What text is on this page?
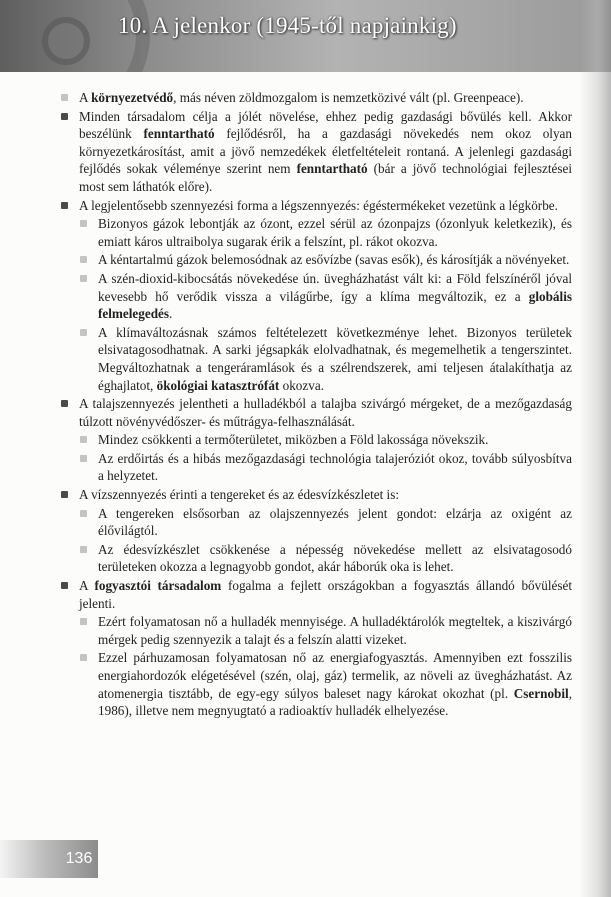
10. A jelenkor (1945-től napjainkig)
A környezetvédő, más néven zöldmozgalom is nemzetközivé vált (pl. Greenpeace).
Minden társadalom célja a jólét növelése, ehhez pedig gazdasági bővülés kell. Akkor beszélünk fenntartható fejlődésről, ha a gazdasági növekedés nem okoz olyan környezetkárosítást, amit a jövő nemzedékek életfeltételeit rontaná. A jelenlegi gazdasági fejlődés sokak véleménye szerint nem fenntartható (bár a jövő technológiai fejlesztései most sem láthatók előre).
A legjelentősebb szennyezési forma a légszennyezés: égéstermékeket vezetünk a légkörbe.
Bizonyos gázok lebontják az ózont, ezzel sérül az ózonpajzs (ózonlyuk keletkezik), és emiatt káros ultraibolya sugarak érik a felszínt, pl. rákot okozva.
A kéntartalmú gázok belemosódnak az esővízbe (savas esők), és károsítják a növényeket.
A szén-dioxid-kibocsátás növekedése ún. üvegházhatást vált ki: a Föld felszínéről jóval kevesebb hő verődik vissza a világűrbe, így a klíma megváltozik, ez a globális felmelegedés.
A klímaváltozásnak számos feltételezett következménye lehet. Bizonyos területek elsivatagosodhatnak. A sarki jégsapkák elolvadhatnak, és megemelhetik a tengerszintet. Megváltozhatnak a tengeráramlások és a szélrendszerek, ami teljesen átalakíthatja az éghajlatot, ökológiai katasztrófát okozva.
A talajszennyezés jelentheti a hulladékból a talajba szivárgó mérgeket, de a mezőgazdaság túlzott növényvédőszer- és műtrágya-felhasználását.
Mindez csökkenti a termőterületet, miközben a Föld lakossága növekszik.
Az erdőirtás és a hibás mezőgazdasági technológia talajeróziót okoz, tovább súlyosbítva a helyzetet.
A vízszennyezés érinti a tengereket és az édesvízkészletet is:
A tengereken elsősorban az olajszennyezés jelent gondot: elzárja az oxigént az élővilágtól.
Az édesvízkészlet csökkenése a népesség növekedése mellett az elsivatagosodó területeken okozza a legnagyobb gondot, akár háborúk oka is lehet.
A fogyasztói társadalom fogalma a fejlett országokban a fogyasztás állandó bővülését jelenti.
Ezért folyamatosan nő a hulladék mennyisége. A hulladéktárolók megteltek, a kiszivárgó mérgek pedig szennyezik a talajt és a felszín alatti vizeket.
Ezzel párhuzamosan folyamatosan nő az energiafogyasztás. Amennyiben ezt fosszilis energiahordozók elégetésével (szén, olaj, gáz) termelik, az növeli az üvegházhatást. Az atomenergia tisztább, de egy-egy súlyos baleset nagy károkat okozhat (pl. Csernobil, 1986), illetve nem megnyugtató a radioaktív hulladék elhelyezése.
136
